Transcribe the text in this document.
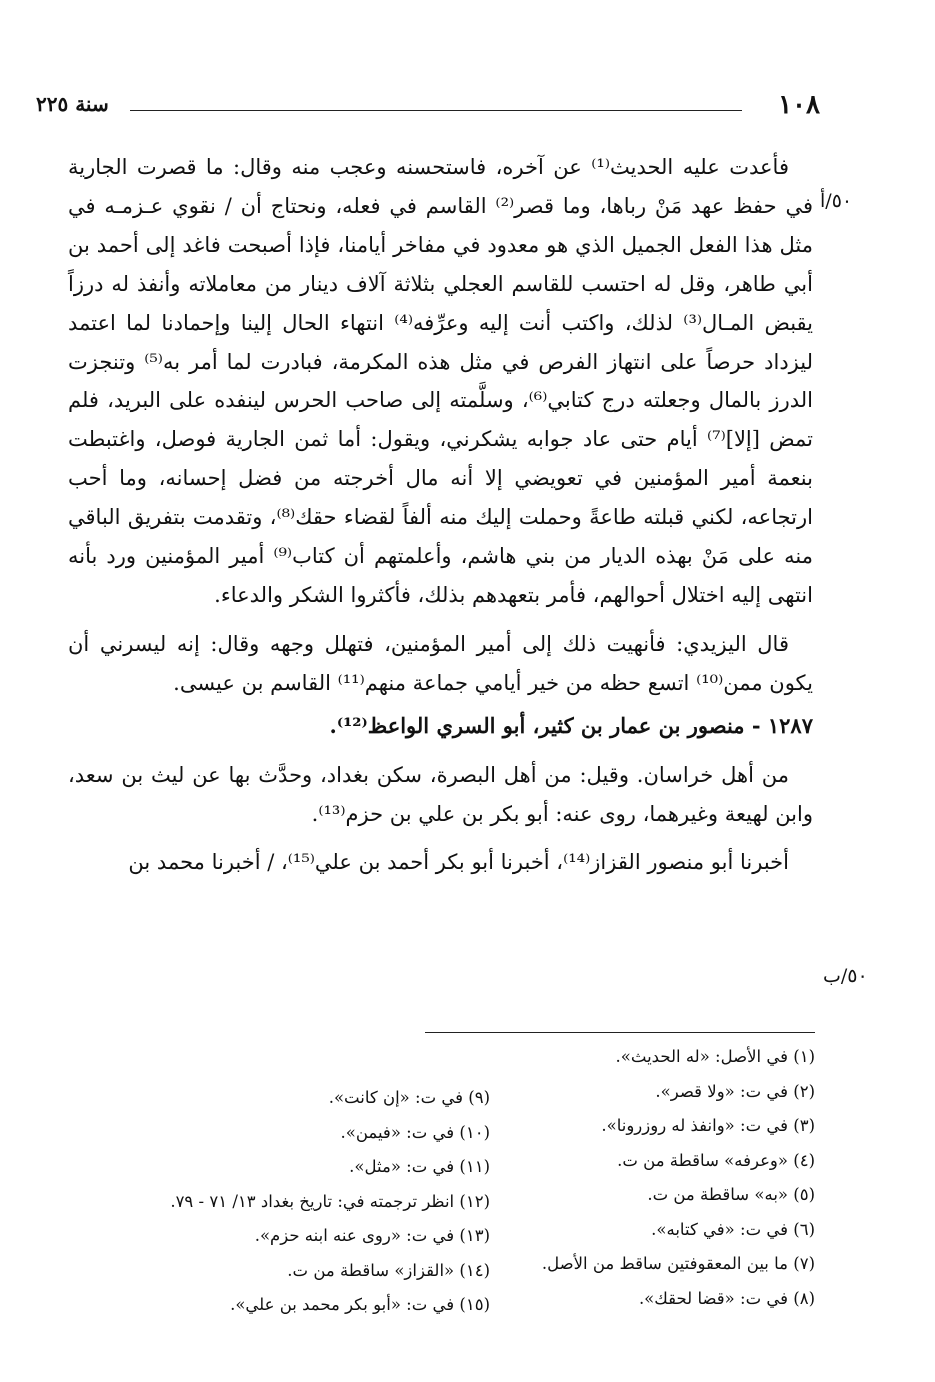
١٠٨
سنة ٢٢٥
٥٠/أ
٥٠/ب

فأعدت عليه الحديث⁽¹⁾ عن آخره، فاستحسنه وعجب منه وقال: ما قصرت الجارية في حفظ عهد مَنْ رباها، وما قصر⁽²⁾ القاسم في فعله، ونحتاج أن / نقوي عـزمـه في مثل هذا الفعل الجميل الذي هو معدود في مفاخر أيامنا، فإذا أصبحت فاغد إلى أحمد بن أبي طاهر، وقل له احتسب للقاسم العجلي بثلاثة آلاف دينار من معاملاته وأنفذ له درزاً يقبض المـال⁽³⁾ لذلك، واكتب أنت إليه وعرِّفه⁽⁴⁾ انتهاء الحال إلينا وإحمادنا لما اعتمد ليزداد حرصاً على انتهاز الفرص في مثل هذه المكرمة، فبادرت لما أمر به⁽⁵⁾ وتنجزت الدرز بالمال وجعلته درج كتابي⁽⁶⁾، وسلَّمته إلى صاحب الحرس لينفده على البريد، فلم تمض [إلا]⁽⁷⁾ أيام حتى عاد جوابه يشكرني، ويقول: أما ثمن الجارية فوصل، واغتبطت بنعمة أمير المؤمنين في تعويضي إلا أنه مال أخرجته من فضل إحسانه، وما أحب ارتجاعه، لكني قبلته طاعةً وحملت إليك منه ألفاً لقضاء حقك⁽⁸⁾، وتقدمت بتفريق الباقي منه على مَنْ بهذه الديار من بني هاشم، وأعلمتهم أن كتاب⁽⁹⁾ أمير المؤمنين ورد بأنه انتهى إليه اختلال أحوالهم، فأمر بتعهدهم بذلك، فأكثروا الشكر والدعاء.

قال اليزيدي: فأنهيت ذلك إلى أمير المؤمنين، فتهلل وجهه وقال: إنه ليسرني أن يكون ممن⁽¹⁰⁾ اتسع حظه من خير أيامي جماعة منهم⁽¹¹⁾ القاسم بن عيسى.

١٢٨٧ - منصور بن عمار بن كثير، أبو السري الواعظ⁽¹²⁾.

من أهل خراسان. وقيل: من أهل البصرة، سكن بغداد، وحدَّث بها عن ليث بن سعد، وابن لهيعة وغيرهما، روى عنه: أبو بكر بن علي بن حزم⁽¹³⁾.

أخبرنا أبو منصور القزاز⁽¹⁴⁾، أخبرنا أبو بكر أحمد بن علي⁽¹⁵⁾، / أخبرنا محمد بن

(١) في الأصل: «له الحديث».
(٢) في ت: «ولا قصر».
(٣) في ت: «وانفذ له روزرونا».
(٤) «وعرفه» ساقطة من ت.
(٥) «به» ساقطة من ت.
(٦) في ت: «في كتابه».
(٧) ما بين المعقوفتين ساقط من الأصل.
(٨) في ت: «قضا لحقك».
(٩) في ت: «إن كانت».
(١٠) في ت: «فيمن».
(١١) في ت: «مثل».
(١٢) انظر ترجمته في: تاريخ بغداد ١٣/ ٧١ - ٧٩.
(١٣) في ت: «روى عنه ابنه حزم».
(١٤) «القزاز» ساقطة من ت.
(١٥) في ت: «أبو بكر محمد بن علي».
